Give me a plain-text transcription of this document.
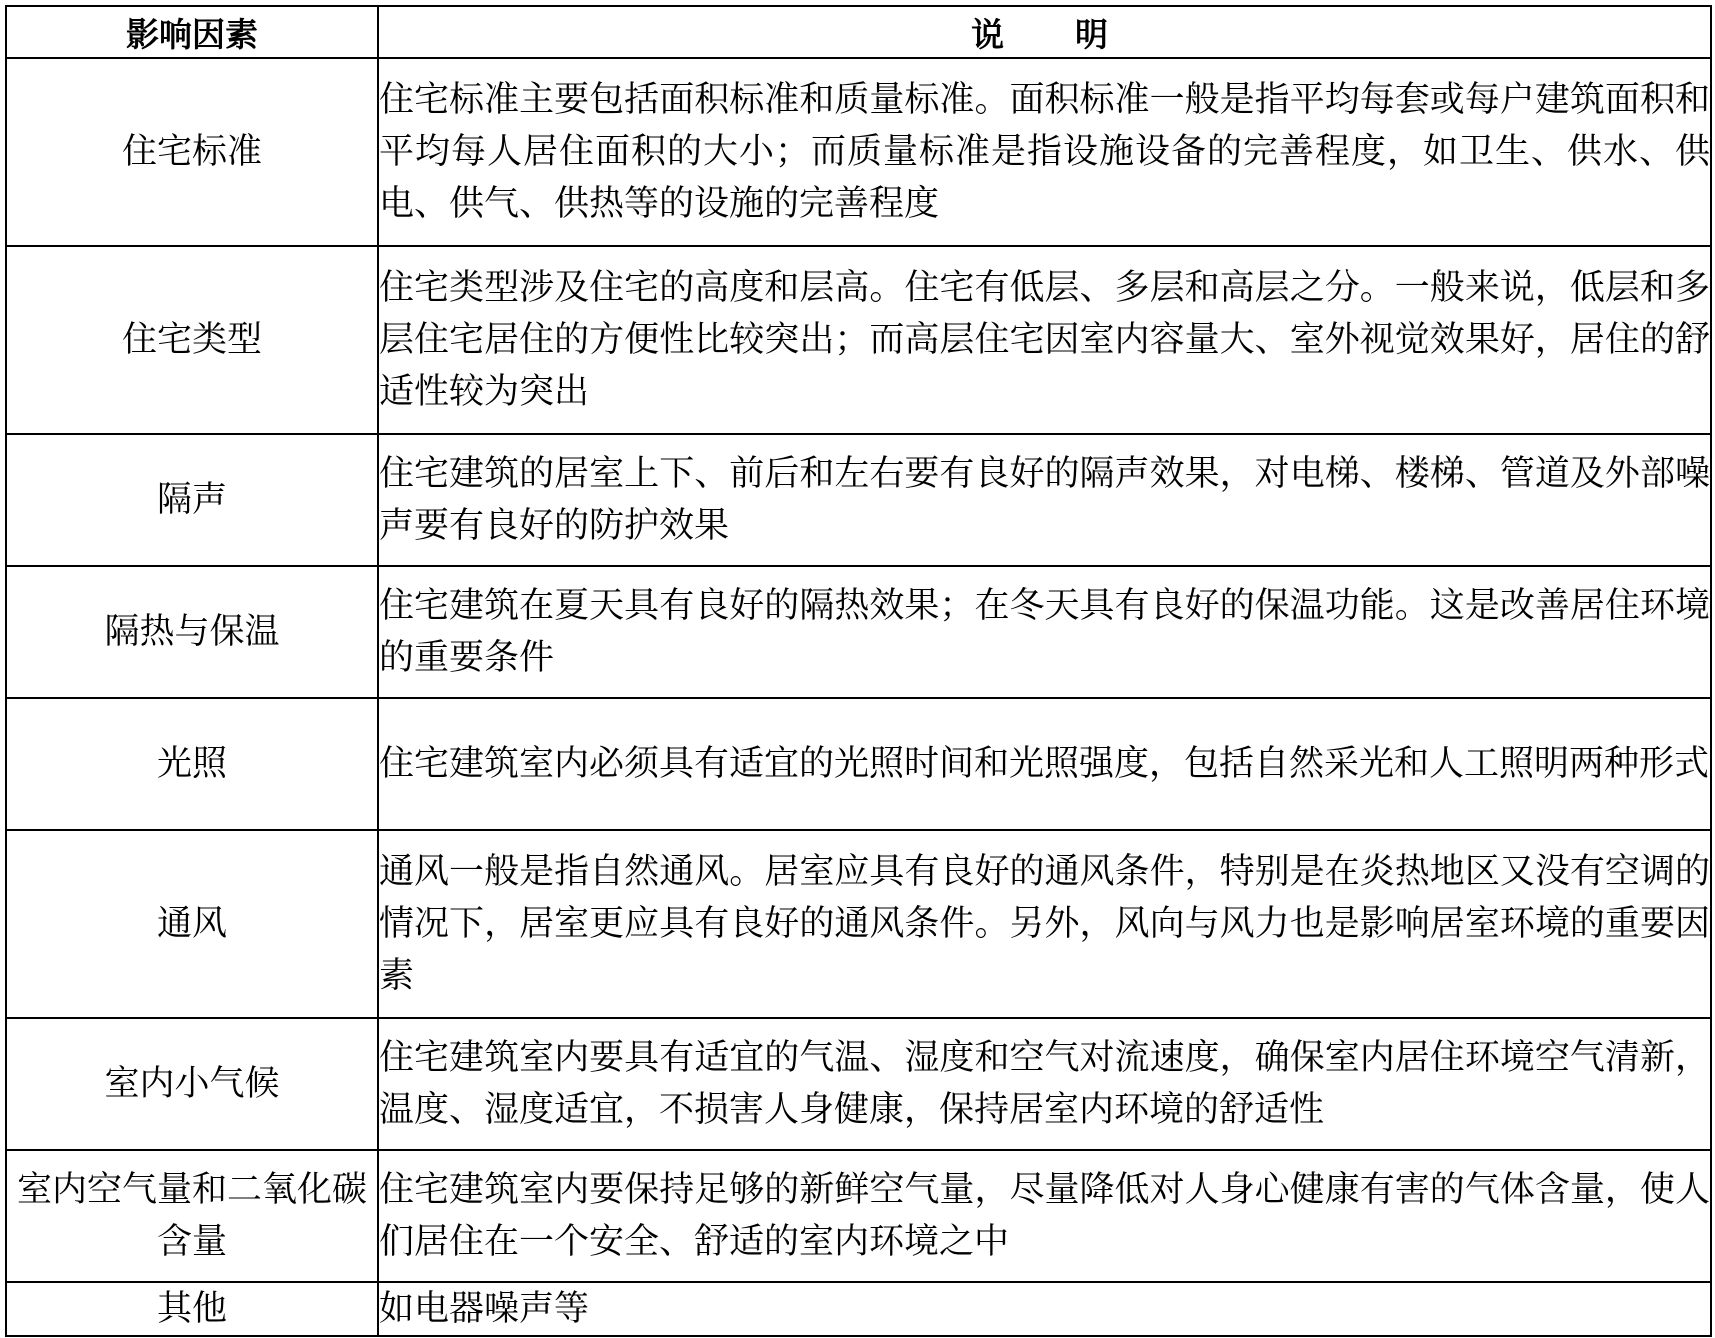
影响因素	说 明
住宅标准	住宅标准主要包括面积标准和质量标准。面积标准一般是指平均每套或每户建筑面积和平均每人居住面积的大小；而质量标准是指设施设备的完善程度，如卫生、供水、供电、供气、供热等的设施的完善程度
住宅类型	住宅类型涉及住宅的高度和层高。住宅有低层、多层和高层之分。一般来说，低层和多层住宅居住的方便性比较突出；而高层住宅因室内容量大、室外视觉效果好，居住的舒适性较为突出
隔声	住宅建筑的居室上下、前后和左右要有良好的隔声效果，对电梯、楼梯、管道及外部噪声要有良好的防护效果
隔热与保温	住宅建筑在夏天具有良好的隔热效果；在冬天具有良好的保温功能。这是改善居住环境的重要条件
光照	住宅建筑室内必须具有适宜的光照时间和光照强度，包括自然采光和人工照明两种形式
通风	通风一般是指自然通风。居室应具有良好的通风条件，特别是在炎热地区又没有空调的情况下，居室更应具有良好的通风条件。另外，风向与风力也是影响居室环境的重要因素
室内小气候	住宅建筑室内要具有适宜的气温、湿度和空气对流速度，确保室内居住环境空气清新，温度、湿度适宜，不损害人身健康，保持居室内环境的舒适性
室内空气量和二氧化碳含量	住宅建筑室内要保持足够的新鲜空气量，尽量降低对人身心健康有害的气体含量，使人们居住在一个安全、舒适的室内环境之中
其他	如电器噪声等
